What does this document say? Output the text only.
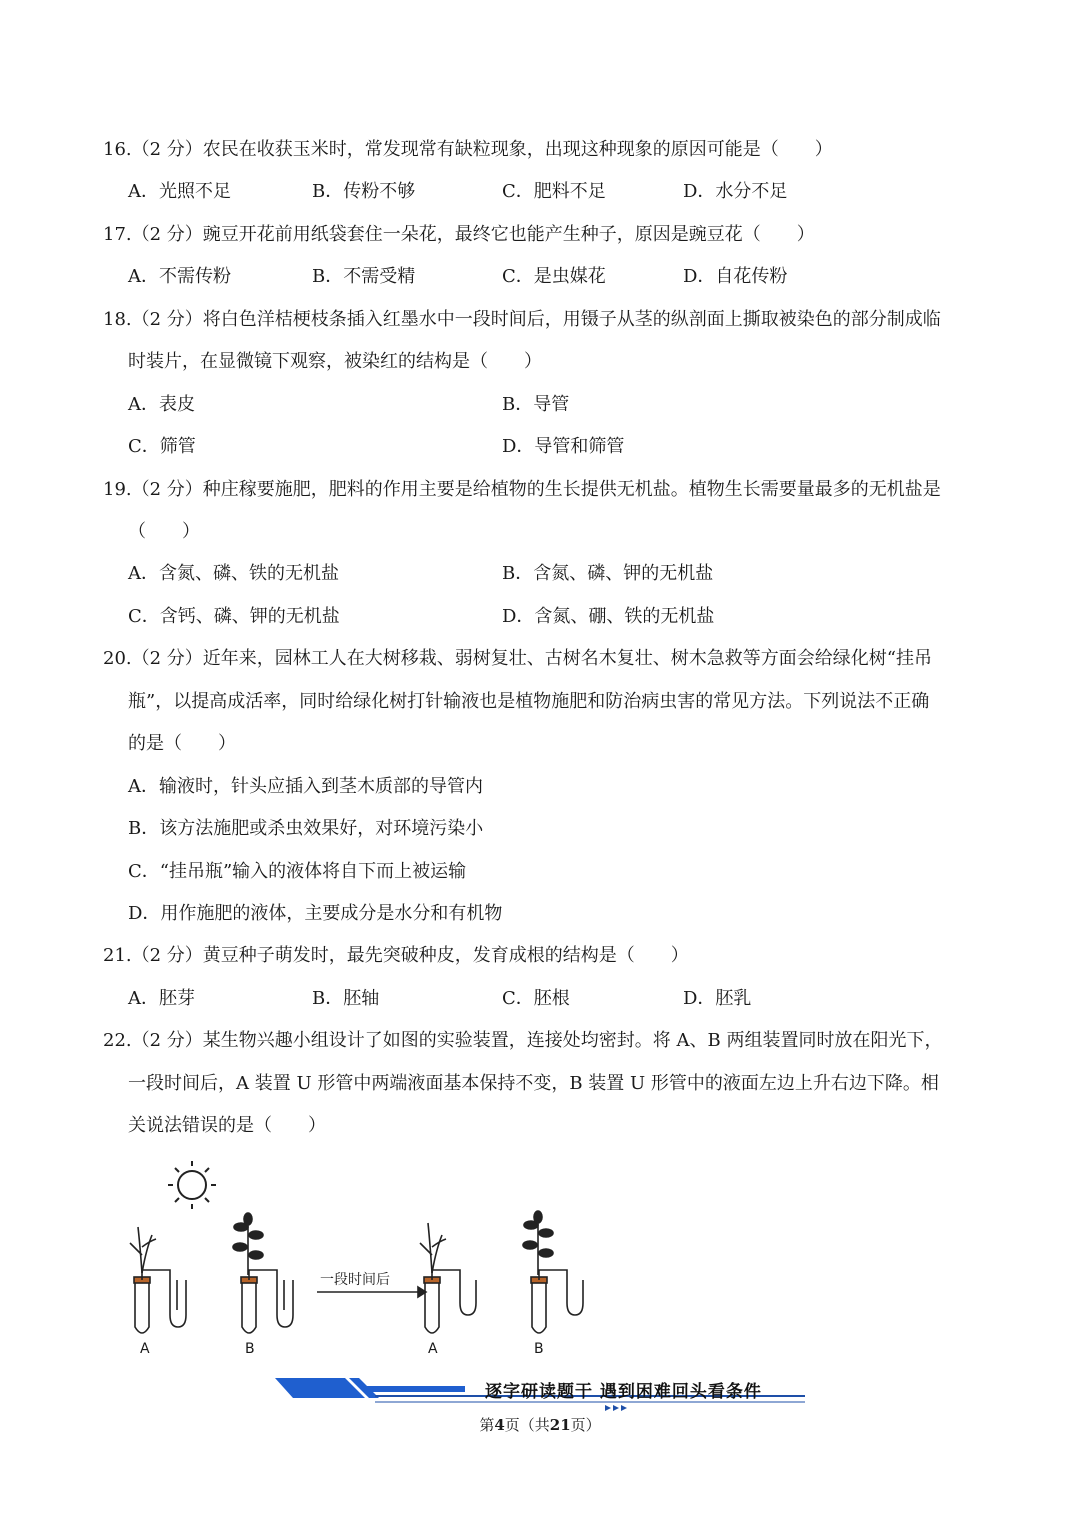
16.（2 分）农民在收获玉米时，常发现常有缺粒现象，出现这种现象的原因可能是（　　）
A．光照不足	B．传粉不够	C．肥料不足	D．水分不足
17.（2 分）豌豆开花前用纸袋套住一朵花，最终它也能产生种子，原因是豌豆花（　　）
A．不需传粉	B．不需受精	C．是虫媒花	D．自花传粉
18.（2 分）将白色洋桔梗枝条插入红墨水中一段时间后，用镊子从茎的纵剖面上撕取被染色的部分制成临
时装片，在显微镜下观察，被染红的结构是（　　）
A．表皮	B．导管
C．筛管	D．导管和筛管
19.（2 分）种庄稼要施肥，肥料的作用主要是给植物的生长提供无机盐。植物生长需要量最多的无机盐是
（　　）
A．含氮、磷、铁的无机盐	B．含氮、磷、钾的无机盐
C．含钙、磷、钾的无机盐	D．含氮、硼、铁的无机盐
20.（2 分）近年来，园林工人在大树移栽、弱树复壮、古树名木复壮、树木急救等方面会给绿化树“挂吊
瓶”，以提高成活率，同时给绿化树打针输液也是植物施肥和防治病虫害的常见方法。下列说法不正确
的是（　　）
A．输液时，针头应插入到茎木质部的导管内
B．该方法施肥或杀虫效果好，对环境污染小
C．“挂吊瓶”输入的液体将自下而上被运输
D．用作施肥的液体，主要成分是水分和有机物
21.（2 分）黄豆种子萌发时，最先突破种皮，发育成根的结构是（　　）
A．胚芽	B．胚轴	C．胚根	D．胚乳
22.（2 分）某生物兴趣小组设计了如图的实验装置，连接处均密封。将 A、B 两组装置同时放在阳光下，
一段时间后，A 装置 U 形管中两端液面基本保持不变，B 装置 U 形管中的液面左边上升右边下降。相
关说法错误的是（　　）
一段时间后
A	B	A	B
逐字研读题干 遇到困难回头看条件
第4页（共21页）
